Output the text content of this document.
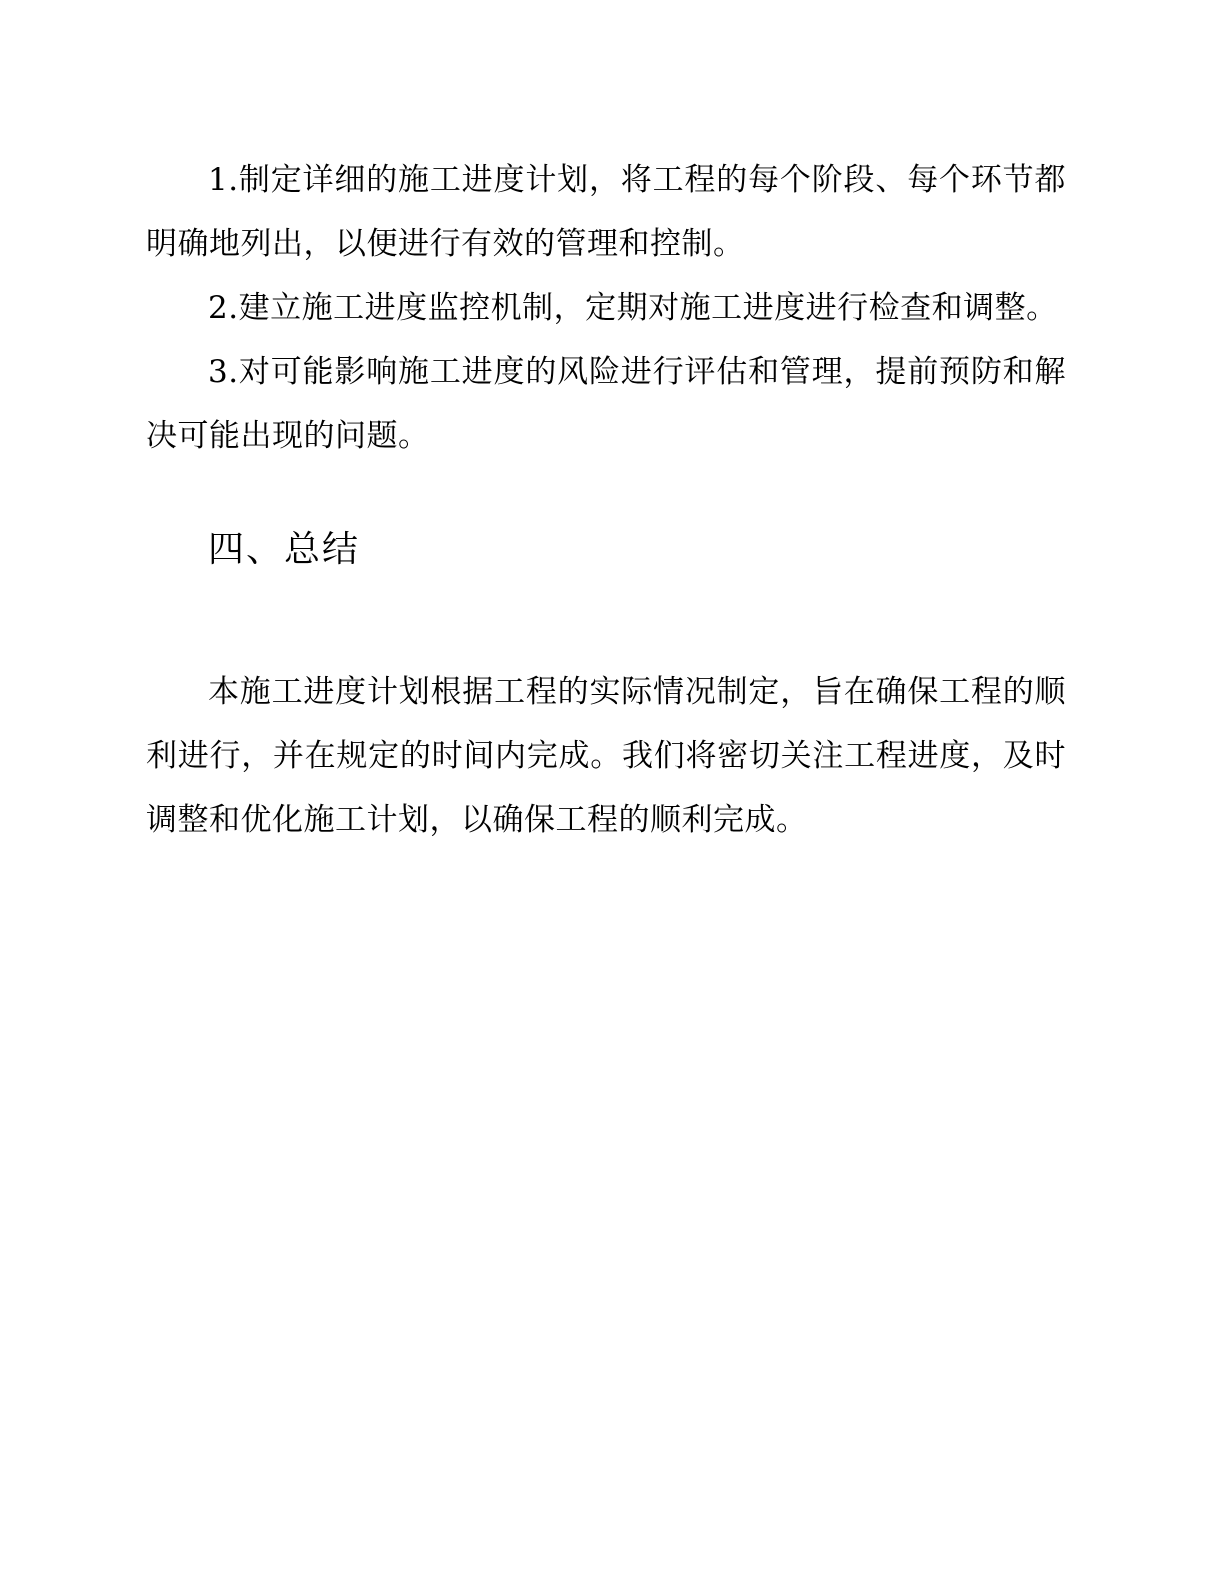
1.制定详细的施工进度计划，将工程的每个阶段、每个环节都明确地列出，以便进行有效的管理和控制。

2.建立施工进度监控机制，定期对施工进度进行检查和调整。

3.对可能影响施工进度的风险进行评估和管理，提前预防和解决可能出现的问题。

四、总结

本施工进度计划根据工程的实际情况制定，旨在确保工程的顺利进行，并在规定的时间内完成。我们将密切关注工程进度，及时调整和优化施工计划，以确保工程的顺利完成。
